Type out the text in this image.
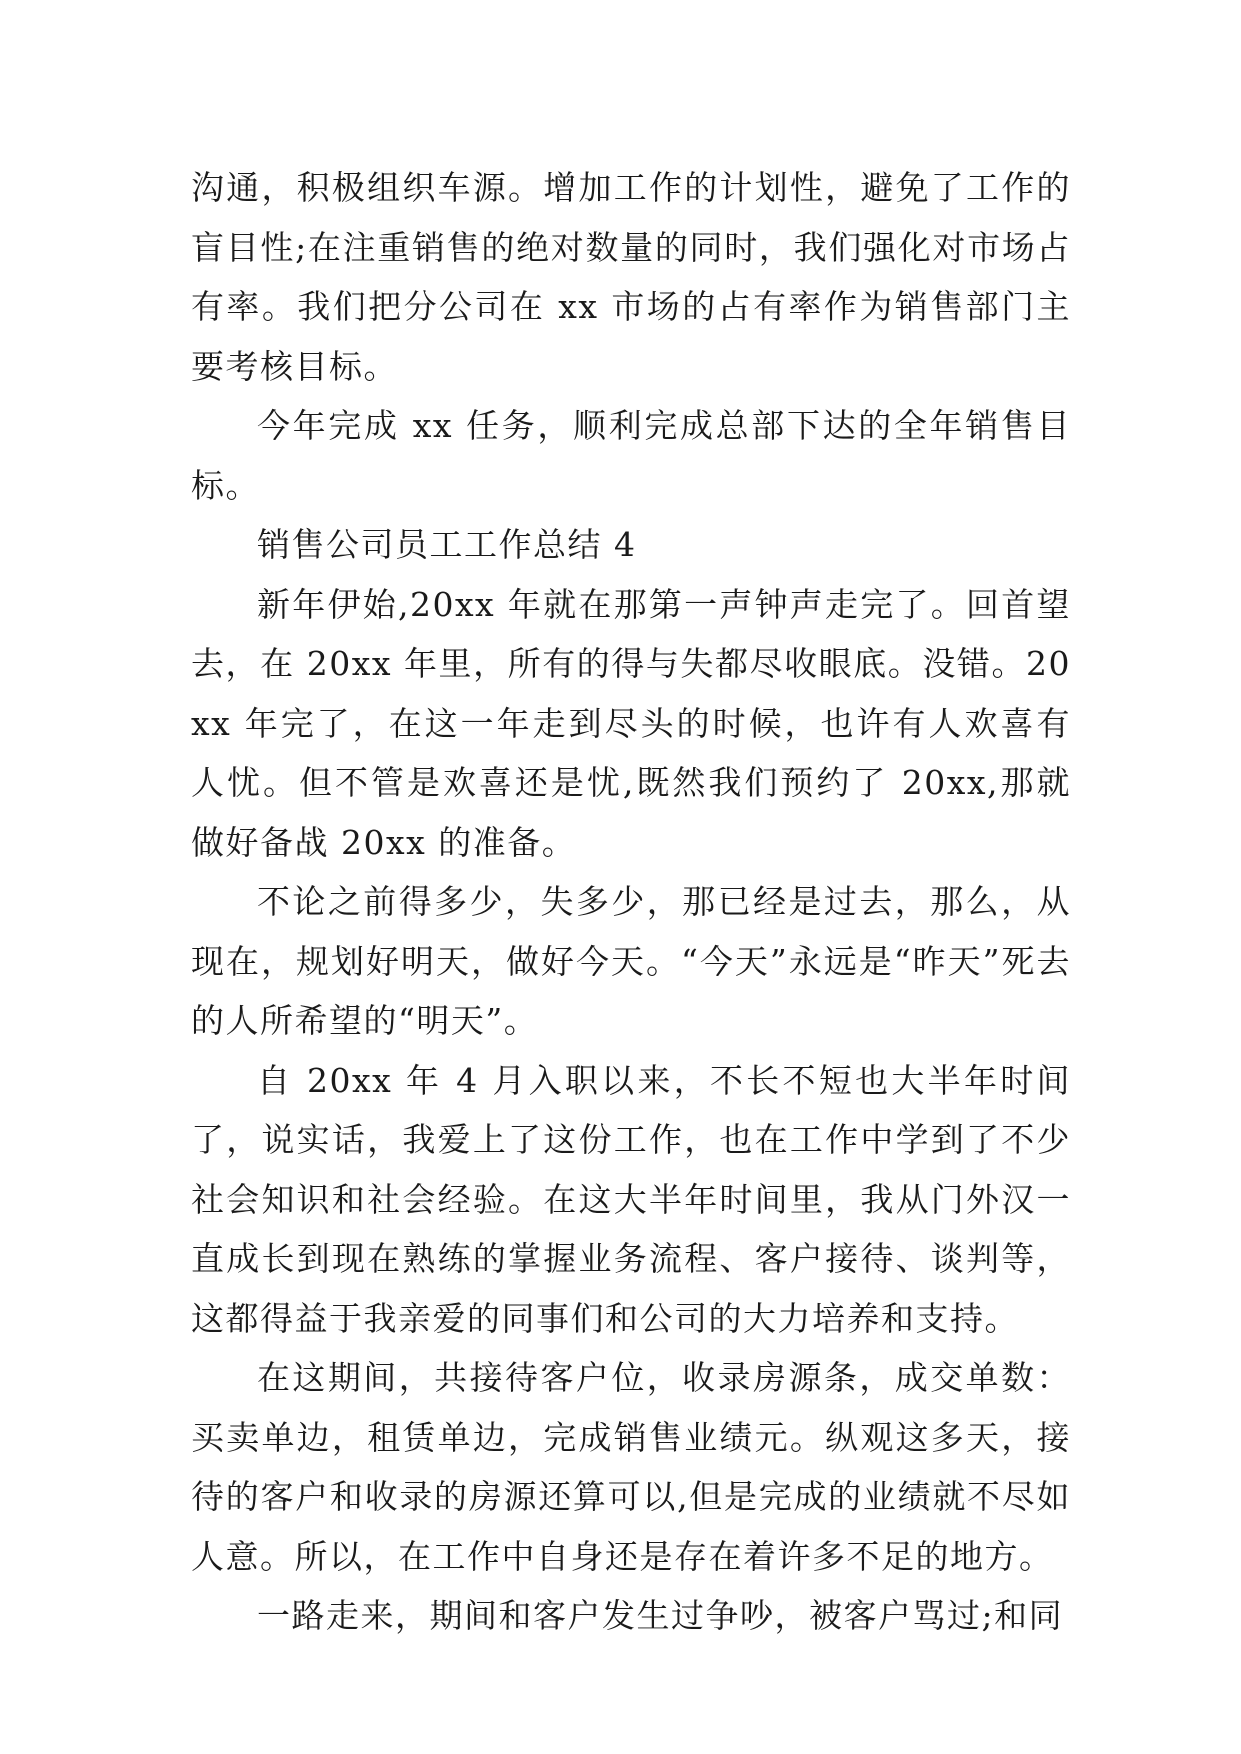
沟通，积极组织车源。增加工作的计划性，避免了工作的盲目性;在注重销售的绝对数量的同时，我们强化对市场占有率。我们把分公司在 xx 市场的占有率作为销售部门主要考核目标。

今年完成 xx 任务，顺利完成总部下达的全年销售目标。

销售公司员工工作总结 4

新年伊始,20xx 年就在那第一声钟声走完了。回首望去，在 20xx 年里，所有的得与失都尽收眼底。没错。20xx 年完了，在这一年走到尽头的时候，也许有人欢喜有人忧。但不管是欢喜还是忧,既然我们预约了 20xx,那就做好备战 20xx 的准备。

不论之前得多少，失多少，那已经是过去，那么，从现在，规划好明天，做好今天。“今天”永远是“昨天”死去的人所希望的“明天”。

自 20xx 年 4 月入职以来，不长不短也大半年时间了，说实话，我爱上了这份工作，也在工作中学到了不少社会知识和社会经验。在这大半年时间里，我从门外汉一直成长到现在熟练的掌握业务流程、客户接待、谈判等，这都得益于我亲爱的同事们和公司的大力培养和支持。

在这期间，共接待客户位，收录房源条，成交单数：买卖单边，租赁单边，完成销售业绩元。纵观这多天，接待的客户和收录的房源还算可以,但是完成的业绩就不尽如人意。所以，在工作中自身还是存在着许多不足的地方。

一路走来，期间和客户发生过争吵，被客户骂过;和同
